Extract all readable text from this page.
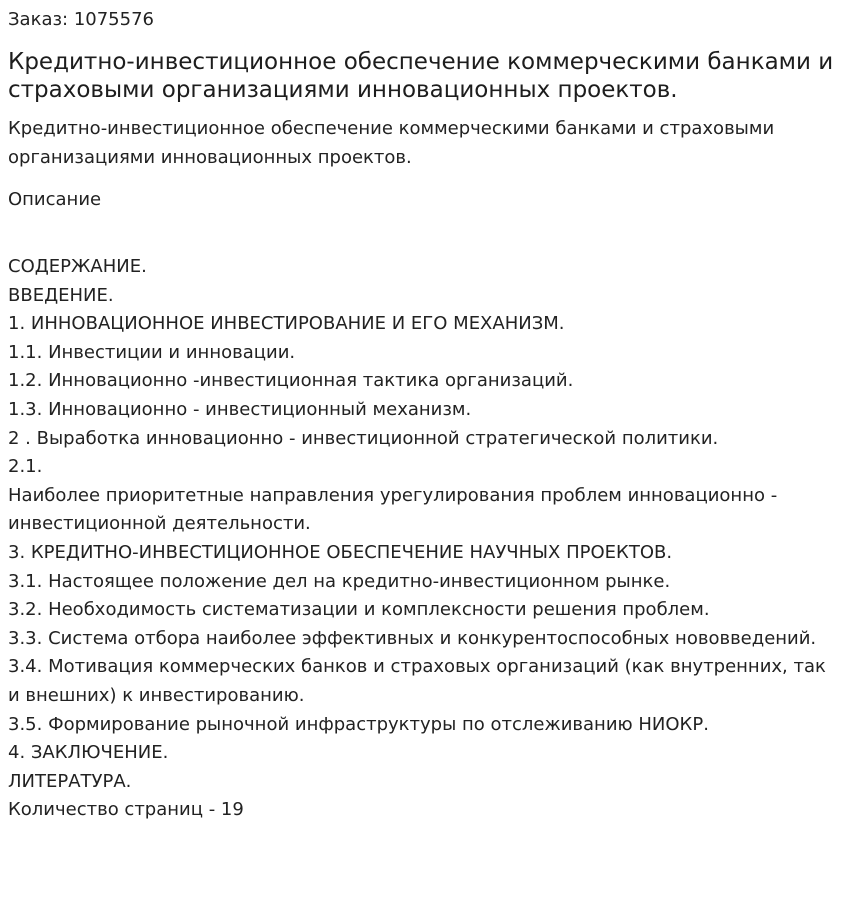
Заказ: 1075576

Кредитно-инвестиционное обеспечение коммерческими банками и страховыми организациями инновационных проектов.

Кредитно-инвестиционное обеспечение коммерческими банками и страховыми организациями инновационных проектов.

Описание

СОДЕРЖАНИЕ.
ВВЕДЕНИЕ.
1. ИННОВАЦИОННОЕ ИНВЕСТИРОВАНИЕ И ЕГО МЕХАНИЗМ.
1.1. Инвестиции и инновации.
1.2. Инновационно -инвестиционная тактика организаций.
1.3. Инновационно - инвестиционный механизм.
2 . Выработка инновационно - инвестиционной стратегической политики.
2.1.
Наиболее приоритетные направления урегулирования проблем инновационно - инвестиционной деятельности.
3. КРЕДИТНО-ИНВЕСТИЦИОННОЕ ОБЕСПЕЧЕНИЕ НАУЧНЫХ ПРОЕКТОВ.
3.1. Настоящее положение дел на кредитно-инвестиционном рынке.
3.2. Необходимость систематизации и комплексности решения проблем.
3.3. Система отбора наиболее эффективных и конкурентоспособных нововведений.
3.4. Мотивация коммерческих банков и страховых организаций (как внутренних, так и внешних) к инвестированию.
3.5. Формирование рыночной инфраструктуры по отслеживанию НИОКР.
4. ЗАКЛЮЧЕНИЕ.
ЛИТЕРАТУРА.
Количество страниц - 19
